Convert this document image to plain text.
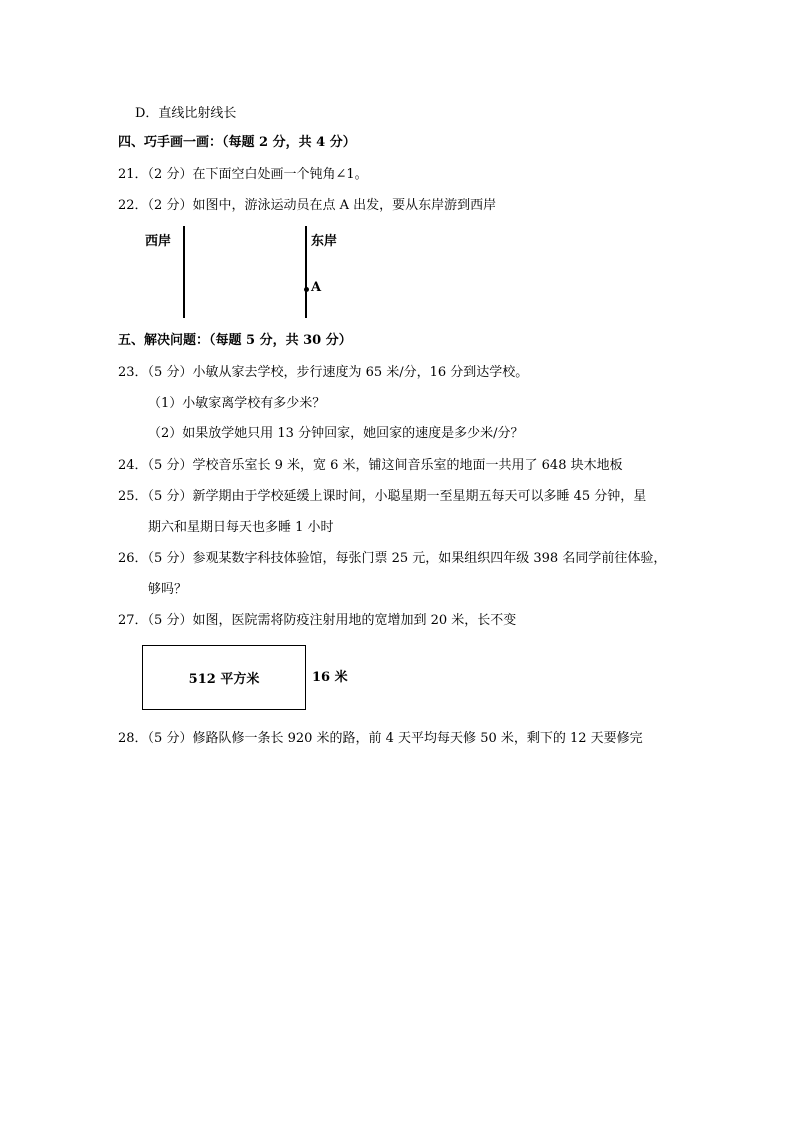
D．直线比射线长
四、巧手画一画：（每题 2 分，共 4 分）
21．（2 分）在下面空白处画一个钝角∠1。
22．（2 分）如图中，游泳运动员在点 A 出发，要从东岸游到西岸
西岸	东岸
A
五、解决问题：（每题 5 分，共 30 分）
23．（5 分）小敏从家去学校，步行速度为 65 米/分，16 分到达学校。
（1）小敏家离学校有多少米？
（2）如果放学她只用 13 分钟回家，她回家的速度是多少米/分？
24．（5 分）学校音乐室长 9 米，宽 6 米，铺这间音乐室的地面一共用了 648 块木地板
25．（5 分）新学期由于学校延缓上课时间，小聪星期一至星期五每天可以多睡 45 分钟，星
期六和星期日每天也多睡 1 小时
26．（5 分）参观某数字科技体验馆，每张门票 25 元，如果组织四年级 398 名同学前往体验，
够吗？
27．（5 分）如图，医院需将防疫注射用地的宽增加到 20 米，长不变
512 平方米	16 米
28．（5 分）修路队修一条长 920 米的路，前 4 天平均每天修 50 米，剩下的 12 天要修完
